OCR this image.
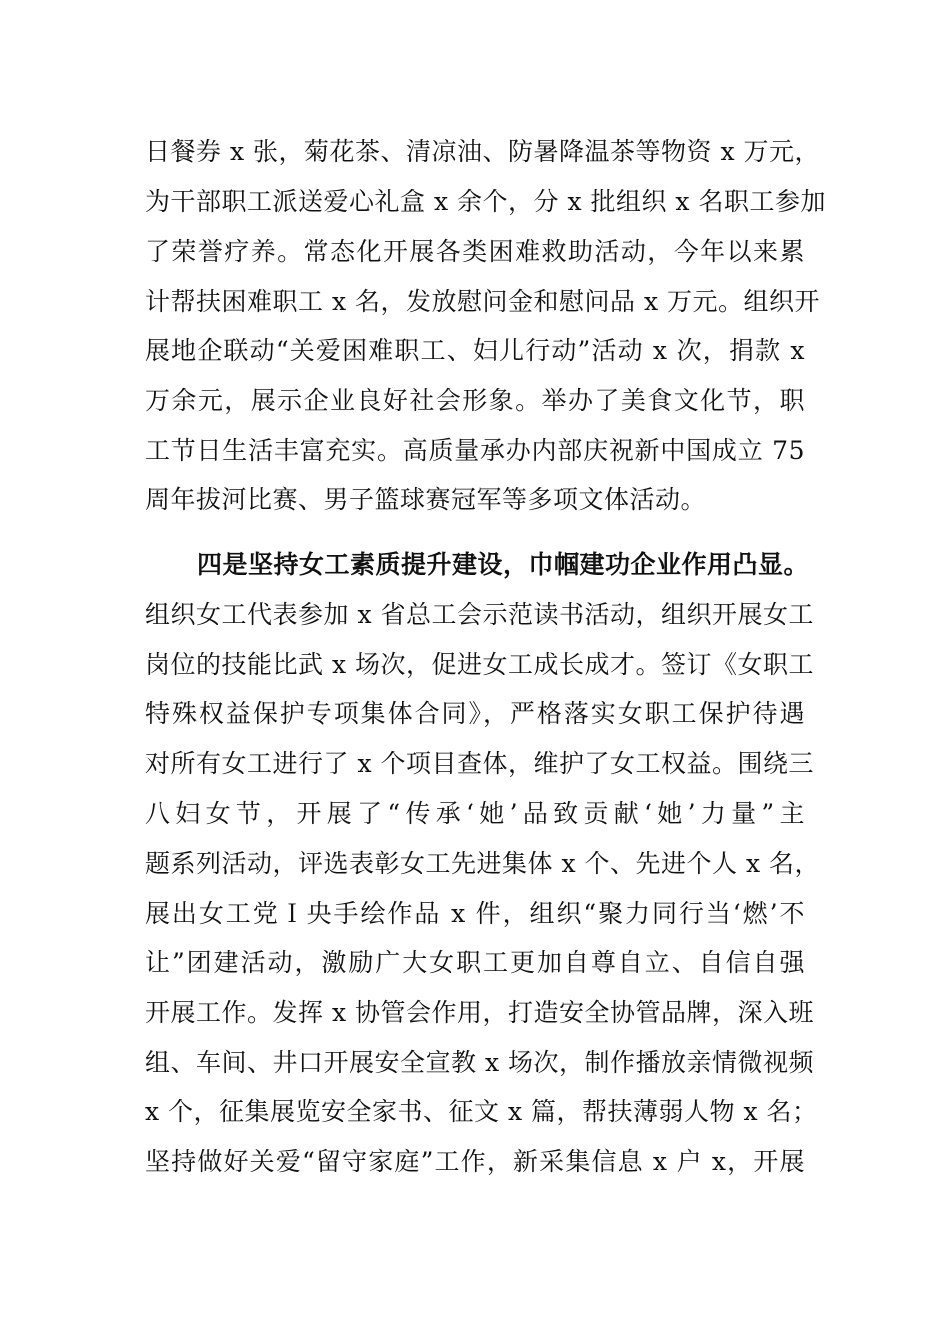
日餐券 x 张，菊花茶、清凉油、防暑降温茶等物资 x 万元，
为干部职工派送爱心礼盒 x 余个，分 x 批组织 x 名职工参加
了荣誉疗养。常态化开展各类困难救助活动，今年以来累
计帮扶困难职工 x 名，发放慰问金和慰问品 x 万元。组织开
展地企联动“关爱困难职工、妇儿行动”活动 x 次，捐款 x
万余元，展示企业良好社会形象。举办了美食文化节，职
工节日生活丰富充实。高质量承办内部庆祝新中国成立 75
周年拔河比赛、男子篮球赛冠军等多项文体活动。
四是坚持女工素质提升建设，巾帼建功企业作用凸显。
组织女工代表参加 x 省总工会示范读书活动，组织开展女工
岗位的技能比武 x 场次，促进女工成长成才。签订《女职工
特殊权益保护专项集体合同》，严格落实女职工保护待遇
对所有女工进行了 x 个项目查体，维护了女工权益。围绕三
八妇女节，开展了“传承‘她’品致贡献‘她’力量”主
题系列活动，评选表彰女工先进集体 x 个、先进个人 x 名，
展出女工党Ｉ央手绘作品 x 件，组织“聚力同行当‘燃’不
让”团建活动，激励广大女职工更加自尊自立、自信自强
开展工作。发挥 x 协管会作用，打造安全协管品牌，深入班
组、车间、井口开展安全宣教 x 场次，制作播放亲情微视频
x 个，征集展览安全家书、征文 x 篇，帮扶薄弱人物 x 名；
坚持做好关爱“留守家庭”工作，新采集信息 x 户 x，开展
